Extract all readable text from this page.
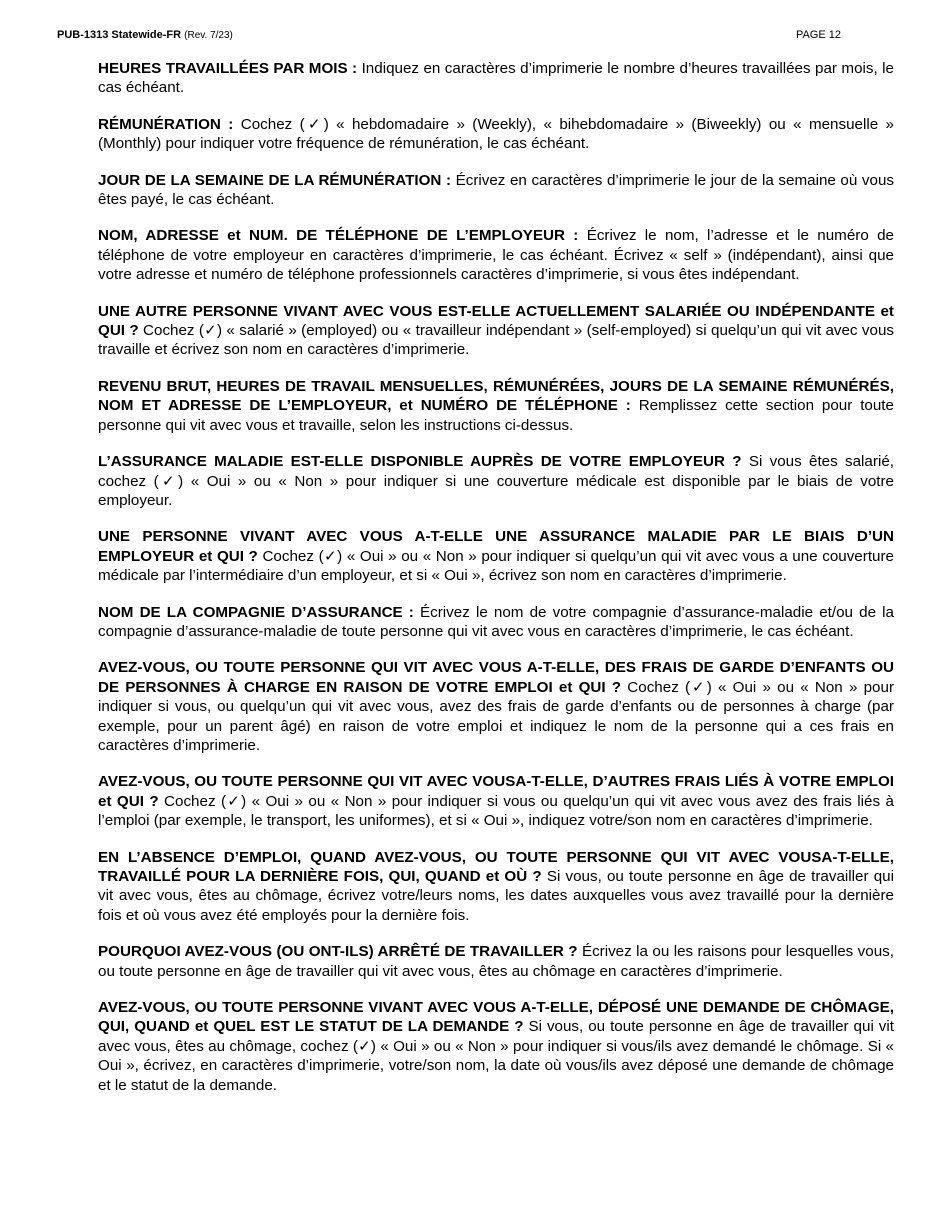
PUB-1313 Statewide-FR (Rev. 7/23)	PAGE 12

HEURES TRAVAILLÉES PAR MOIS : Indiquez en caractères d’imprimerie le nombre d’heures travaillées par mois, le cas échéant.

RÉMUNÉRATION : Cochez (✓) « hebdomadaire » (Weekly), « bihebdomadaire » (Biweekly) ou « mensuelle » (Monthly) pour indiquer votre fréquence de rémunération, le cas échéant.

JOUR DE LA SEMAINE DE LA RÉMUNÉRATION : Écrivez en caractères d’imprimerie le jour de la semaine où vous êtes payé, le cas échéant.

NOM, ADRESSE et NUM. DE TÉLÉPHONE DE L’EMPLOYEUR : Écrivez le nom, l’adresse et le numéro de téléphone de votre employeur en caractères d’imprimerie, le cas échéant. Écrivez « self » (indépendant), ainsi que votre adresse et numéro de téléphone professionnels caractères d’imprimerie, si vous êtes indépendant.

UNE AUTRE PERSONNE VIVANT AVEC VOUS EST-ELLE ACTUELLEMENT SALARIÉE OU INDÉPENDANTE et QUI ? Cochez (✓) « salarié » (employed) ou « travailleur indépendant » (self-employed) si quelqu’un qui vit avec vous travaille et écrivez son nom en caractères d’imprimerie.

REVENU BRUT, HEURES DE TRAVAIL MENSUELLES, RÉMUNÉRÉES, JOURS DE LA SEMAINE RÉMUNÉRÉS, NOM ET ADRESSE DE L’EMPLOYEUR, et NUMÉRO DE TÉLÉPHONE : Remplissez cette section pour toute personne qui vit avec vous et travaille, selon les instructions ci-dessus.

L’ASSURANCE MALADIE EST-ELLE DISPONIBLE AUPRÈS DE VOTRE EMPLOYEUR ? Si vous êtes salarié, cochez (✓) « Oui » ou « Non » pour indiquer si une couverture médicale est disponible par le biais de votre employeur.

UNE PERSONNE VIVANT AVEC VOUS A-T-ELLE UNE ASSURANCE MALADIE PAR LE BIAIS D’UN EMPLOYEUR et QUI ? Cochez (✓) « Oui » ou « Non » pour indiquer si quelqu’un qui vit avec vous a une couverture médicale par l’intermédiaire d’un employeur, et si « Oui », écrivez son nom en caractères d’imprimerie.

NOM DE LA COMPAGNIE D’ASSURANCE : Écrivez le nom de votre compagnie d’assurance-maladie et/ou de la compagnie d’assurance-maladie de toute personne qui vit avec vous en caractères d’imprimerie, le cas échéant.

AVEZ-VOUS, OU TOUTE PERSONNE QUI VIT AVEC VOUS A-T-ELLE, DES FRAIS DE GARDE D’ENFANTS OU DE PERSONNES À CHARGE EN RAISON DE VOTRE EMPLOI et QUI ? Cochez (✓) « Oui » ou « Non » pour indiquer si vous, ou quelqu’un qui vit avec vous, avez des frais de garde d’enfants ou de personnes à charge (par exemple, pour un parent âgé) en raison de votre emploi et indiquez le nom de la personne qui a ces frais en caractères d’imprimerie.

AVEZ-VOUS, OU TOUTE PERSONNE QUI VIT AVEC VOUSA-T-ELLE, D’AUTRES FRAIS LIÉS À VOTRE EMPLOI et QUI ? Cochez (✓) « Oui » ou « Non » pour indiquer si vous ou quelqu’un qui vit avec vous avez des frais liés à l’emploi (par exemple, le transport, les uniformes), et si « Oui », indiquez votre/son nom en caractères d’imprimerie.

EN L’ABSENCE D’EMPLOI, QUAND AVEZ-VOUS, OU TOUTE PERSONNE QUI VIT AVEC VOUSA-T-ELLE, TRAVAILLÉ POUR LA DERNIÈRE FOIS, QUI, QUAND et OÙ ? Si vous, ou toute personne en âge de travailler qui vit avec vous, êtes au chômage, écrivez votre/leurs noms, les dates auxquelles vous avez travaillé pour la dernière fois et où vous avez été employés pour la dernière fois.

POURQUOI AVEZ-VOUS (OU ONT-ILS) ARRÊTÉ DE TRAVAILLER ? Écrivez la ou les raisons pour lesquelles vous, ou toute personne en âge de travailler qui vit avec vous, êtes au chômage en caractères d’imprimerie.

AVEZ-VOUS, OU TOUTE PERSONNE VIVANT AVEC VOUS A-T-ELLE, DÉPOSÉ UNE DEMANDE DE CHÔMAGE, QUI, QUAND et QUEL EST LE STATUT DE LA DEMANDE ? Si vous, ou toute personne en âge de travailler qui vit avec vous, êtes au chômage, cochez (✓) « Oui » ou « Non » pour indiquer si vous/ils avez demandé le chômage. Si « Oui », écrivez, en caractères d’imprimerie, votre/son nom, la date où vous/ils avez déposé une demande de chômage et le statut de la demande.
